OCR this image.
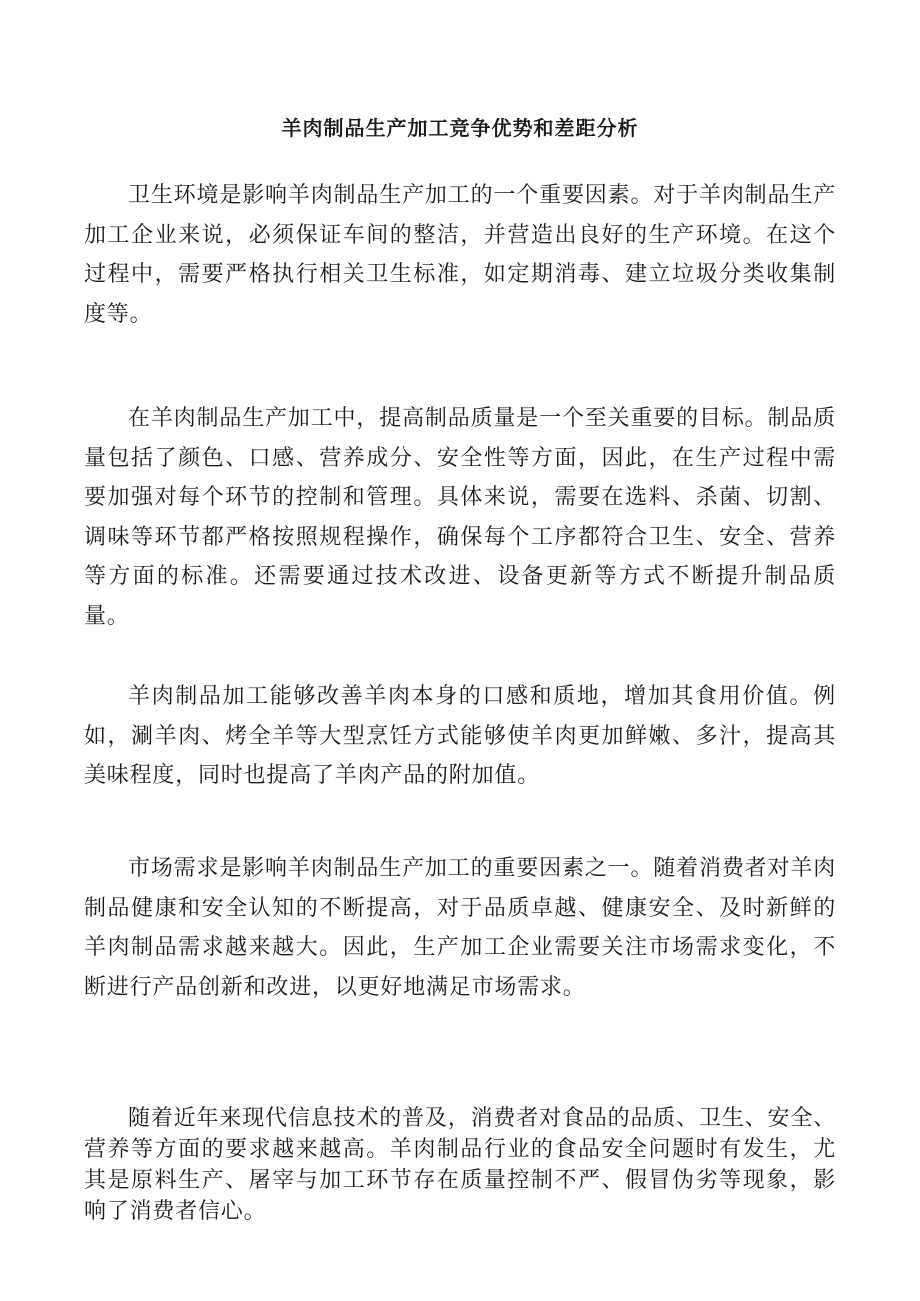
羊肉制品生产加工竞争优势和差距分析

卫生环境是影响羊肉制品生产加工的一个重要因素。对于羊肉制品生产加工企业来说，必须保证车间的整洁，并营造出良好的生产环境。在这个过程中，需要严格执行相关卫生标准，如定期消毒、建立垃圾分类收集制度等。

在羊肉制品生产加工中，提高制品质量是一个至关重要的目标。制品质量包括了颜色、口感、营养成分、安全性等方面，因此，在生产过程中需要加强对每个环节的控制和管理。具体来说，需要在选料、杀菌、切割、调味等环节都严格按照规程操作，确保每个工序都符合卫生、安全、营养等方面的标准。还需要通过技术改进、设备更新等方式不断提升制品质量。

羊肉制品加工能够改善羊肉本身的口感和质地，增加其食用价值。例如，涮羊肉、烤全羊等大型烹饪方式能够使羊肉更加鲜嫩、多汁，提高其美味程度，同时也提高了羊肉产品的附加值。

市场需求是影响羊肉制品生产加工的重要因素之一。随着消费者对羊肉制品健康和安全认知的不断提高，对于品质卓越、健康安全、及时新鲜的羊肉制品需求越来越大。因此，生产加工企业需要关注市场需求变化，不断进行产品创新和改进，以更好地满足市场需求。

随着近年来现代信息技术的普及，消费者对食品的品质、卫生、安全、营养等方面的要求越来越高。羊肉制品行业的食品安全问题时有发生，尤其是原料生产、屠宰与加工环节存在质量控制不严、假冒伪劣等现象，影响了消费者信心。
